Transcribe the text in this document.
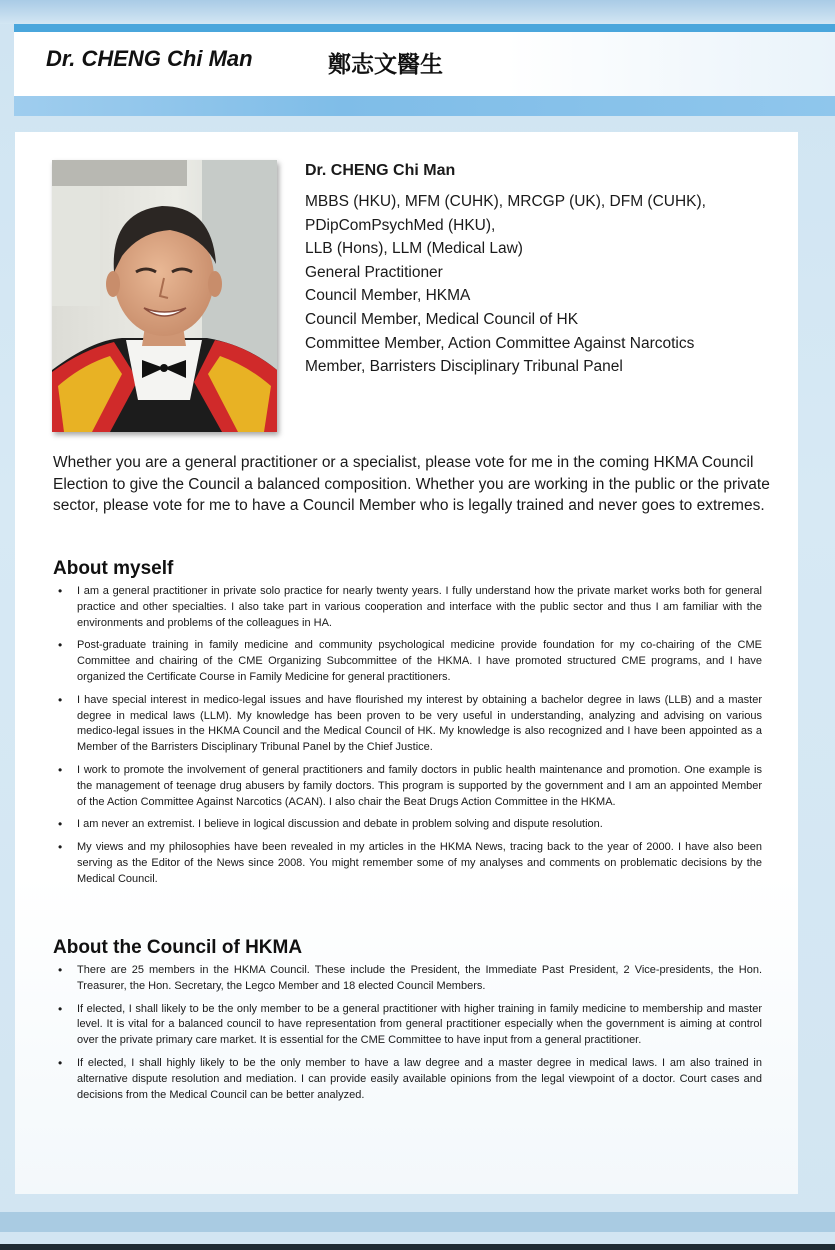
Dr. CHENG Chi Man	鄭志文醫生
Dr. CHENG Chi Man
MBBS (HKU), MFM (CUHK), MRCGP (UK), DFM (CUHK),
PDipComPsychMed (HKU),
LLB (Hons), LLM (Medical Law)
General Practitioner
Council Member, HKMA
Council Member, Medical Council of HK
Committee Member, Action Committee Against Narcotics
Member, Barristers Disciplinary Tribunal Panel

Whether you are a general practitioner or a specialist, please vote for me in the coming HKMA Council Election to give the Council a balanced composition. Whether you are working in the public or the private sector, please vote for me to have a Council Member who is legally trained and never goes to extremes.

About myself
• I am a general practitioner in private solo practice for nearly twenty years. I fully understand how the private market works both for general practice and other specialties. I also take part in various cooperation and interface with the public sector and thus I am familiar with the environments and problems of the colleagues in HA.
• Post-graduate training in family medicine and community psychological medicine provide foundation for my co-chairing of the CME Committee and chairing of the CME Organizing Subcommittee of the HKMA. I have promoted structured CME programs, and I have organized the Certificate Course in Family Medicine for general practitioners.
• I have special interest in medico-legal issues and have flourished my interest by obtaining a bachelor degree in laws (LLB) and a master degree in medical laws (LLM). My knowledge has been proven to be very useful in understanding, analyzing and advising on various medico-legal issues in the HKMA Council and the Medical Council of HK. My knowledge is also recognized and I have been appointed as a Member of the Barristers Disciplinary Tribunal Panel by the Chief Justice.
• I work to promote the involvement of general practitioners and family doctors in public health maintenance and promotion. One example is the management of teenage drug abusers by family doctors. This program is supported by the government and I am an appointed Member of the Action Committee Against Narcotics (ACAN). I also chair the Beat Drugs Action Committee in the HKMA.
• I am never an extremist. I believe in logical discussion and debate in problem solving and dispute resolution.
• My views and my philosophies have been revealed in my articles in the HKMA News, tracing back to the year of 2000. I have also been serving as the Editor of the News since 2008. You might remember some of my analyses and comments on problematic decisions by the Medical Council.
About the Council of HKMA
• There are 25 members in the HKMA Council. These include the President, the Immediate Past President, 2 Vice-presidents, the Hon. Treasurer, the Hon. Secretary, the Legco Member and 18 elected Council Members.
• If elected, I shall likely to be the only member to be a general practitioner with higher training in family medicine to membership and master level. It is vital for a balanced council to have representation from general practitioner especially when the government is aiming at control over the private primary care market. It is essential for the CME Committee to have input from a general practitioner.
• If elected, I shall highly likely to be the only member to have a law degree and a master degree in medical laws. I am also trained in alternative dispute resolution and mediation. I can provide easily available opinions from the legal viewpoint of a doctor. Court cases and decisions from the Medical Council can be better analyzed.
